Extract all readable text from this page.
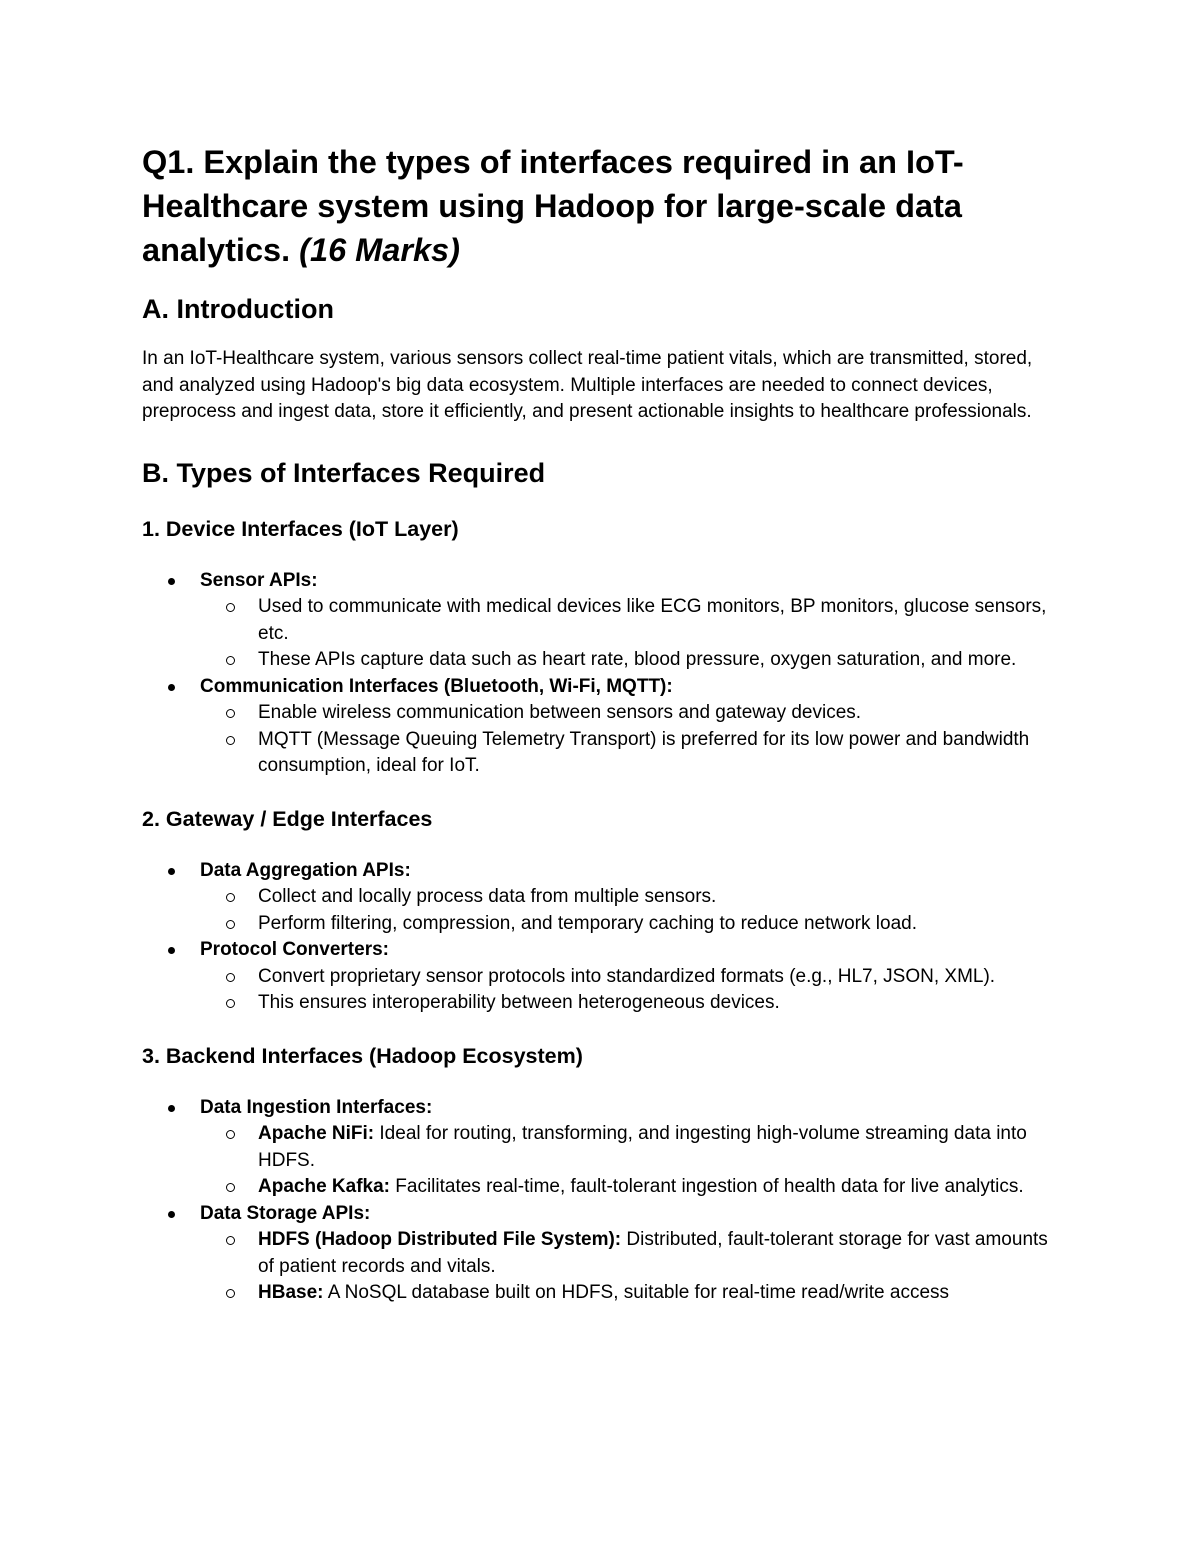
Q1. Explain the types of interfaces required in an IoT-Healthcare system using Hadoop for large-scale data analytics. (16 Marks)
A. Introduction

In an IoT-Healthcare system, various sensors collect real-time patient vitals, which are transmitted, stored, and analyzed using Hadoop's big data ecosystem. Multiple interfaces are needed to connect devices, preprocess and ingest data, store it efficiently, and present actionable insights to healthcare professionals.

B. Types of Interfaces Required
1. Device Interfaces (IoT Layer)
Sensor APIs:
Used to communicate with medical devices like ECG monitors, BP monitors, glucose sensors, etc.
These APIs capture data such as heart rate, blood pressure, oxygen saturation, and more.
Communication Interfaces (Bluetooth, Wi-Fi, MQTT):
Enable wireless communication between sensors and gateway devices.
MQTT (Message Queuing Telemetry Transport) is preferred for its low power and bandwidth consumption, ideal for IoT.
2. Gateway / Edge Interfaces
Data Aggregation APIs:
Collect and locally process data from multiple sensors.
Perform filtering, compression, and temporary caching to reduce network load.
Protocol Converters:
Convert proprietary sensor protocols into standardized formats (e.g., HL7, JSON, XML).
This ensures interoperability between heterogeneous devices.
3. Backend Interfaces (Hadoop Ecosystem)
Data Ingestion Interfaces:
Apache NiFi: Ideal for routing, transforming, and ingesting high-volume streaming data into HDFS.
Apache Kafka: Facilitates real-time, fault-tolerant ingestion of health data for live analytics.
Data Storage APIs:
HDFS (Hadoop Distributed File System): Distributed, fault-tolerant storage for vast amounts of patient records and vitals.
HBase: A NoSQL database built on HDFS, suitable for real-time read/write access
